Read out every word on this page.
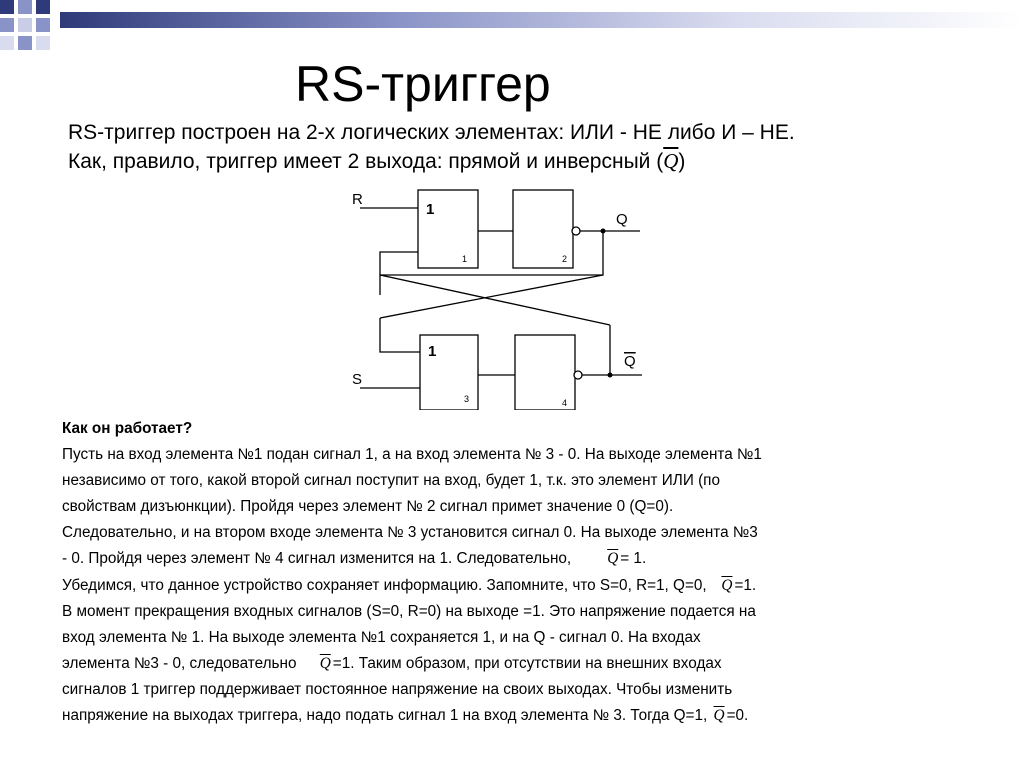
RS-триггер
RS-триггер построен на 2-х логических элементах: ИЛИ - НЕ либо И – НЕ.
Как, правило, триггер имеет 2 выхода: прямой и инверсный $(\overline{Q})$
R
S
Q
Q
1
1	2
1
3	4
Как он работает?
Пусть на вход элемента №1 подан сигнал 1, а на вход элемента № 3 - 0. На выходе элемента №1
независимо от того, какой второй сигнал поступит на вход, будет 1, т.к. это элемент ИЛИ (по
свойствам дизъюнкции). Пройдя через элемент № 2 сигнал примет значение 0 (Q=0).
Следовательно, и на втором входе элемента № 3 установится сигнал 0. На выходе элемента №3
- 0. Пройдя через элемент № 4 сигнал изменится на 1. Следовательно, $\overline{Q} = 1$.
Убедимся, что данное устройство сохраняет информацию. Запомните, что S=0, R=1, Q=0, $\overline{Q} =1$.
В момент прекращения входных сигналов (S=0, R=0) на выходе =1. Это напряжение подается на
вход элемента № 1. На выходе элемента №1 сохраняется 1, и на Q - сигнал 0. На входах
элемента №3 - 0, следовательно $\overline{Q} =1$. Таким образом, при отсутствии на внешних входах
сигналов 1 триггер поддерживает постоянное напряжение на своих выходах. Чтобы изменить
напряжение на выходах триггера, надо подать сигнал 1 на вход элемента № 3. Тогда Q=1, $\overline{Q} =0$.
